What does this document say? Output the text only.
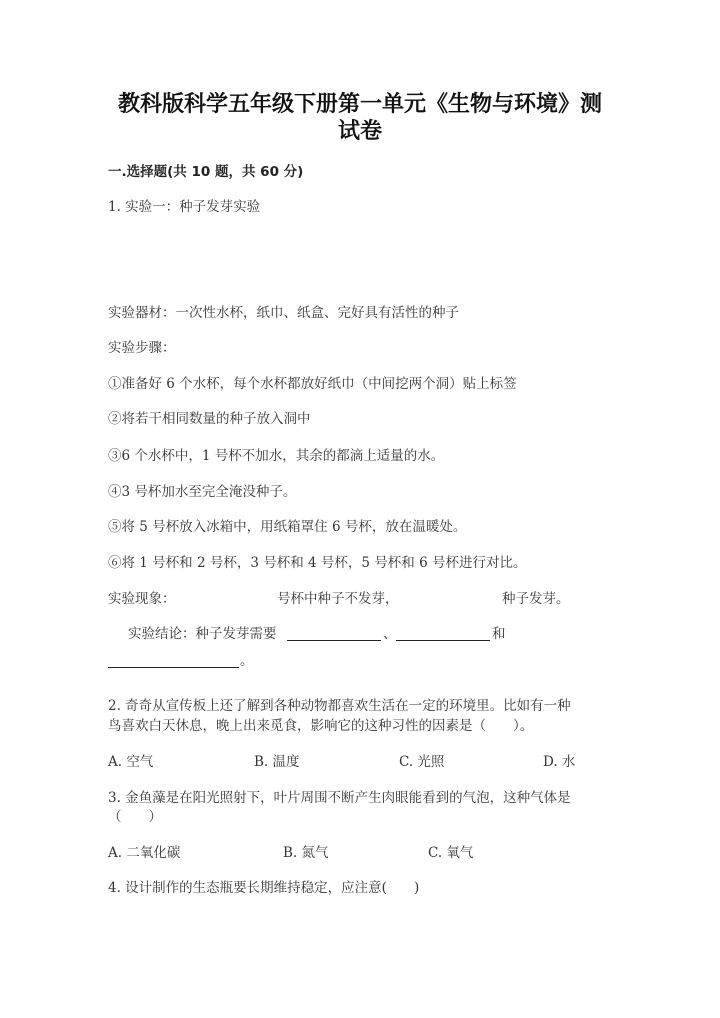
教科版科学五年级下册第一单元《生物与环境》测
试卷
一.选择题(共 10 题，共 60 分)
1. 实验一：种子发芽实验
实验器材：一次性水杯，纸巾、纸盒、完好具有活性的种子
实验步骤：
①准备好 6 个水杯，每个水杯都放好纸巾（中间挖两个洞）贴上标签
②将若干相同数量的种子放入洞中
③6 个水杯中，1 号杯不加水，其余的都滴上适量的水。
④3 号杯加水至完全淹没种子。
⑤将 5 号杯放入冰箱中，用纸箱罩住 6 号杯，放在温暖处。
⑥将 1 号杯和 2 号杯，3 号杯和 4 号杯，5 号杯和 6 号杯进行对比。
实验现象：	号杯中种子不发芽，	种子发芽。
实验结论：种子发芽需要	、	和
。
2. 奇奇从宣传板上还了解到各种动物都喜欢生活在一定的环境里。比如有一种
鸟喜欢白天休息，晚上出来觅食，影响它的这种习性的因素是（　　）。
A. 空气	B. 温度	C. 光照	D. 水
3. 金鱼藻是在阳光照射下，叶片周围不断产生肉眼能看到的气泡，这种气体是
（　　）
A. 二氧化碳	B. 氮气	C. 氧气
4. 设计制作的生态瓶要长期维持稳定，应注意(　　)
